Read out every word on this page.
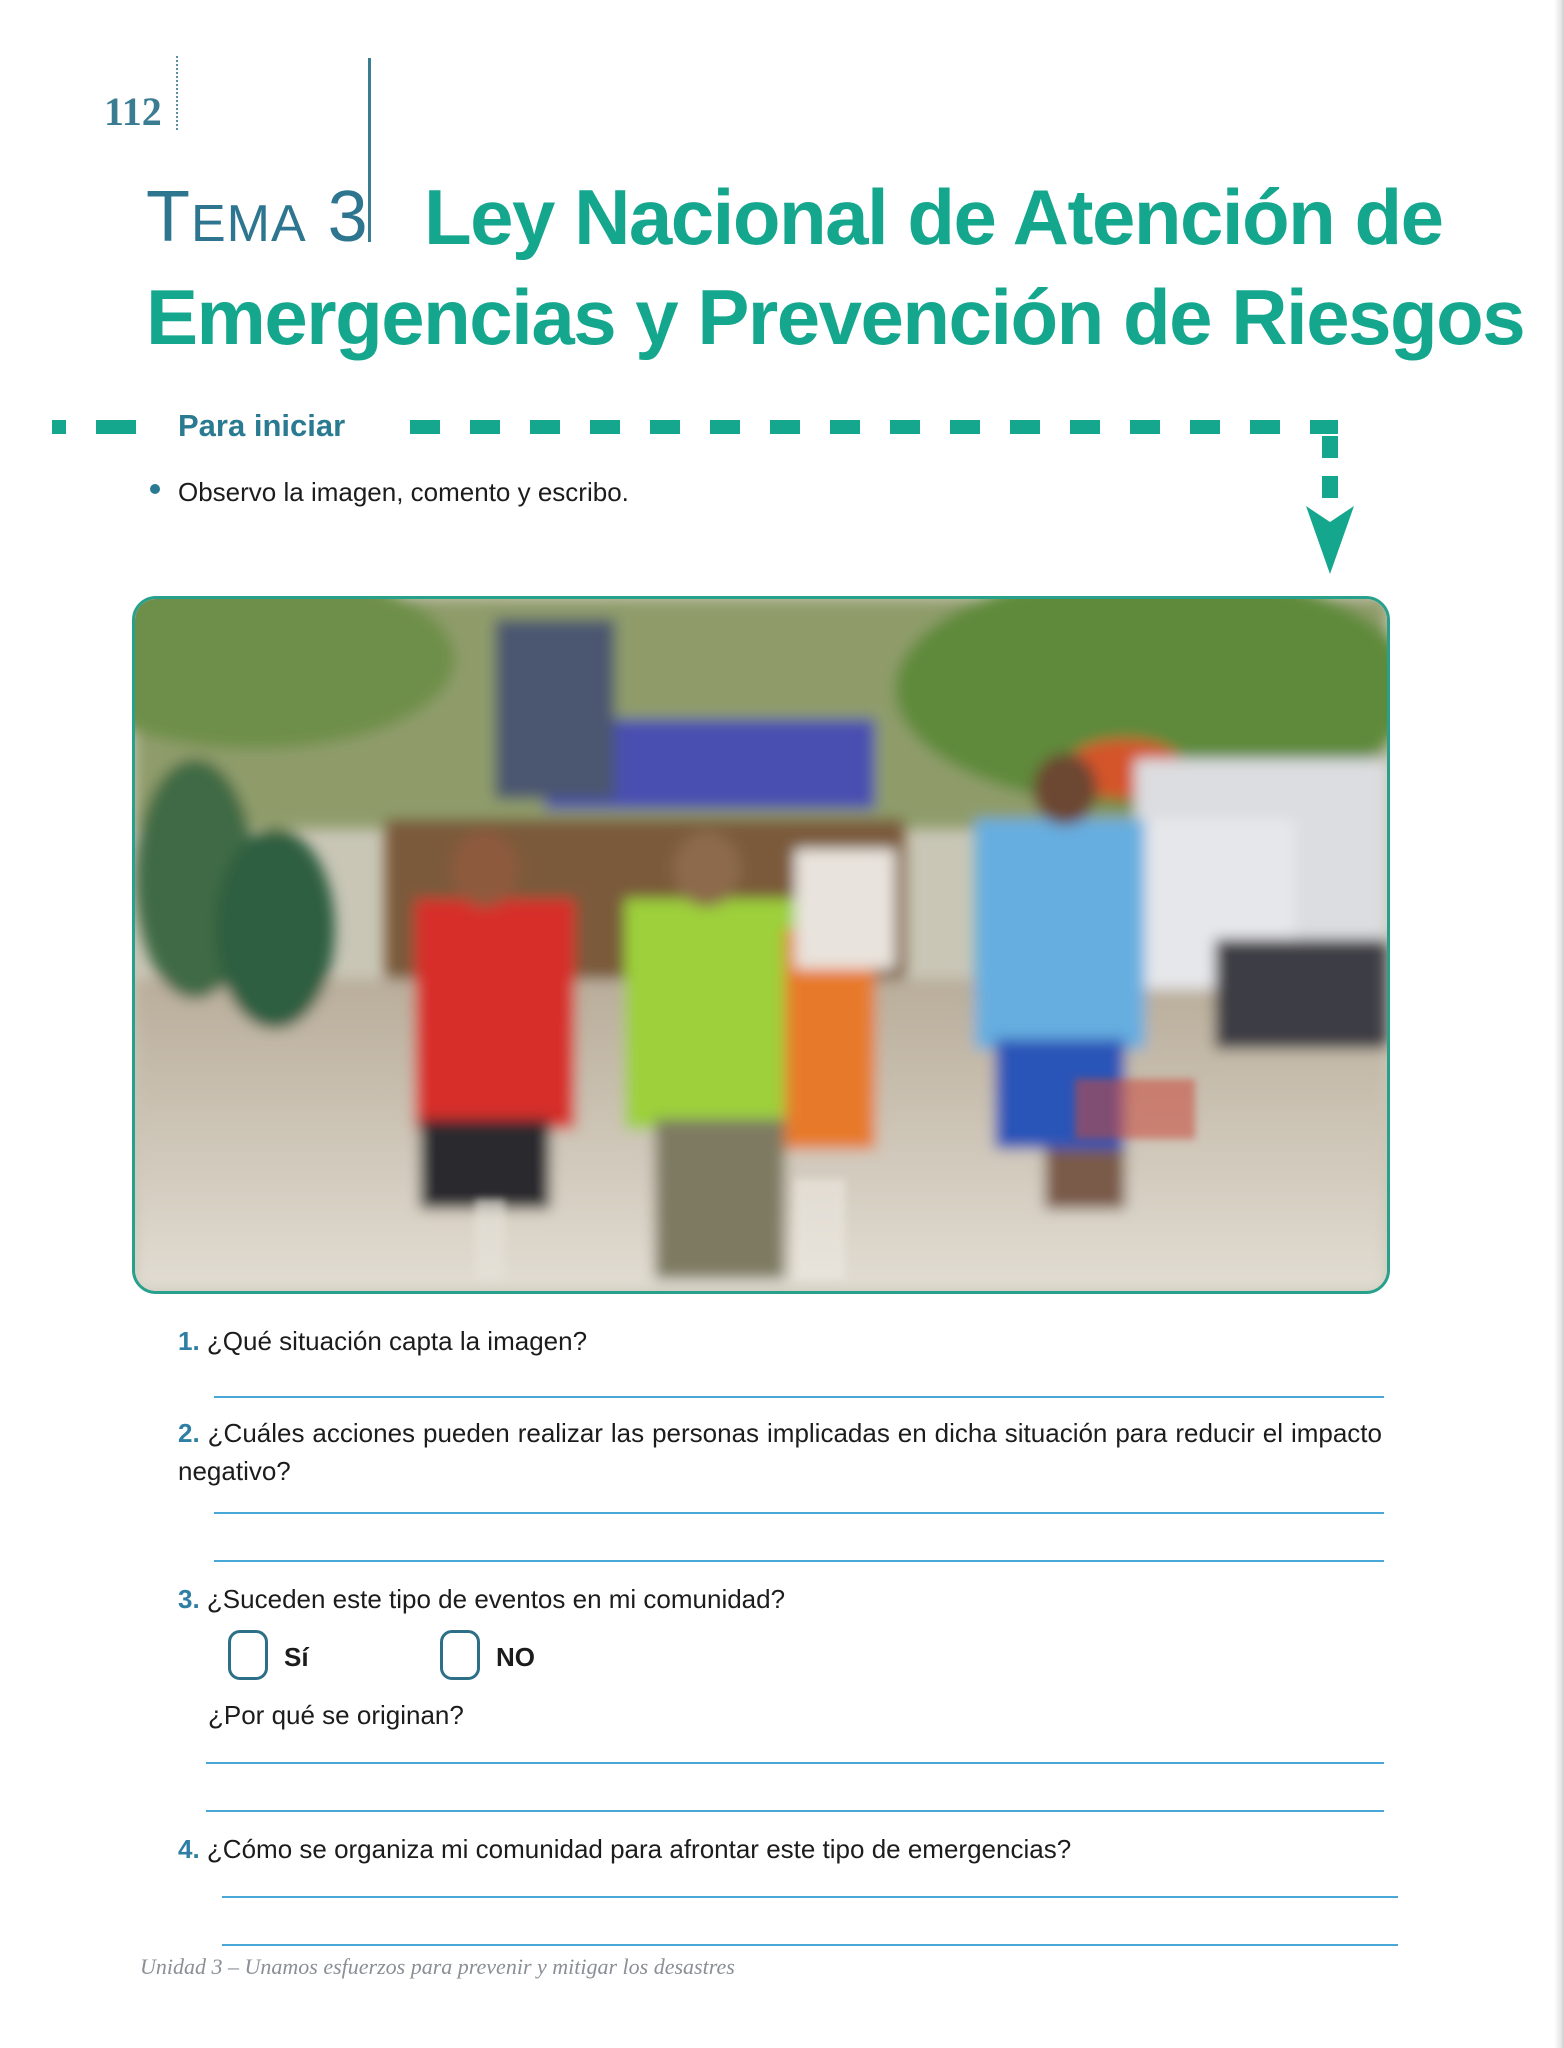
112
TEMA 3 Ley Nacional de Atención de
Emergencias y Prevención de Riesgos
Para iniciar
Observo la imagen, comento y escribo.
1. ¿Qué situación capta la imagen?
2. ¿Cuáles acciones pueden realizar las personas implicadas en dicha situación para reducir el impacto negativo?
3. ¿Suceden este tipo de eventos en mi comunidad?
Sí	NO
¿Por qué se originan?
4. ¿Cómo se organiza mi comunidad para afrontar este tipo de emergencias?
Unidad 3 – Unamos esfuerzos para prevenir y mitigar los desastres
